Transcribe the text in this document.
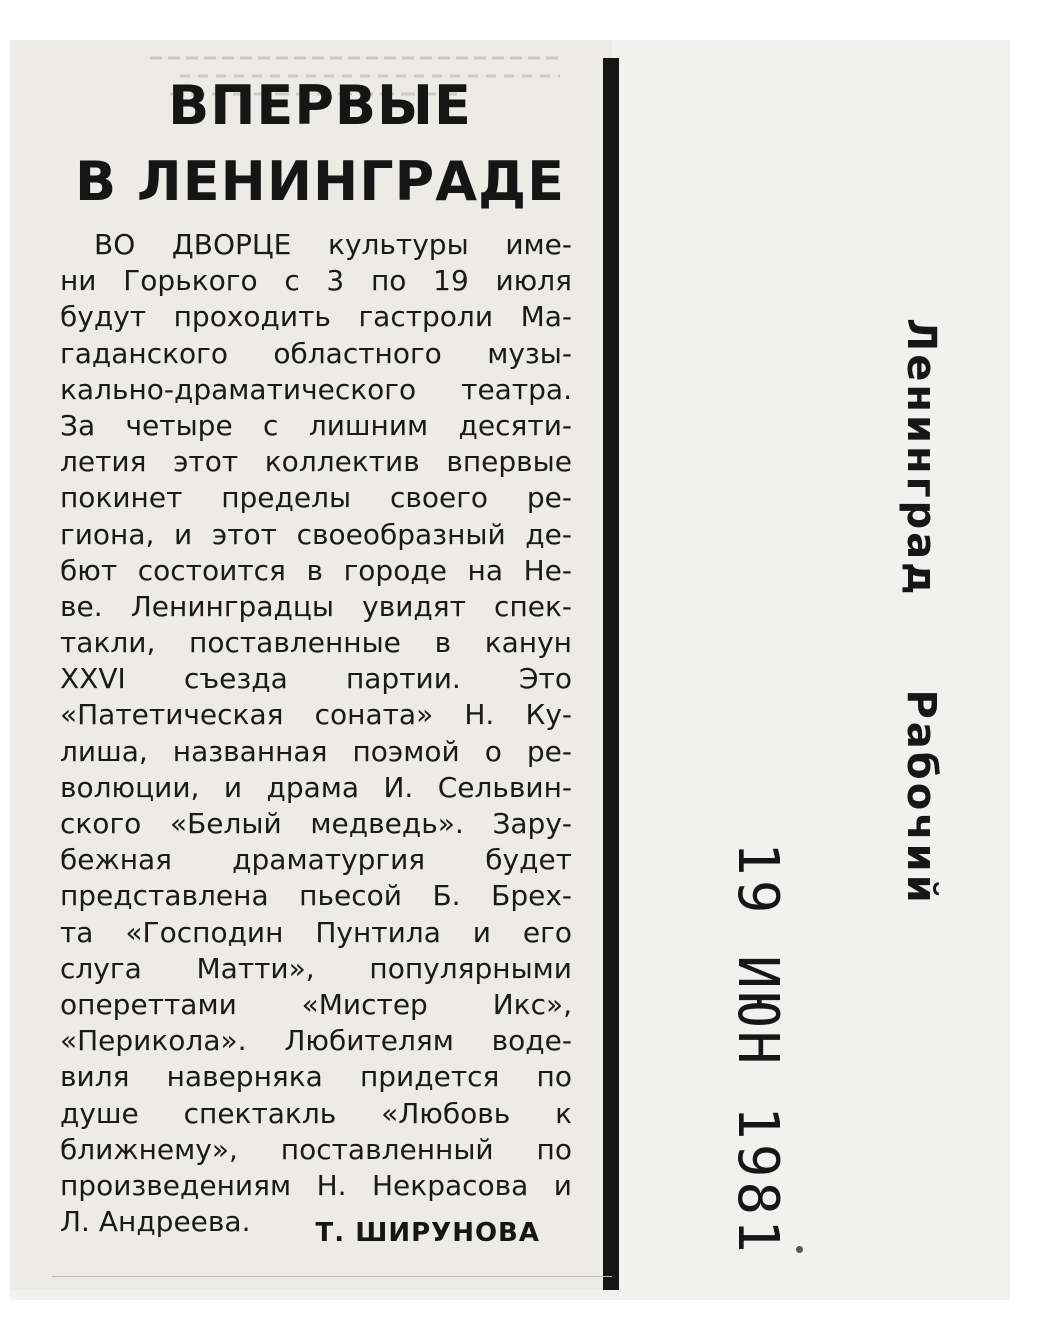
ВПЕРВЫЕ
В ЛЕНИНГРАДЕ
ВО ДВОРЦЕ культуры име-
ни Горького с 3 по 19 июля
будут проходить гастроли Ма-
гаданского областного музы-
кально-драматического театра.
За четыре с лишним десяти-
летия этот коллектив впервые
покинет пределы своего ре-
гиона, и этот своеобразный де-
бют состоится в городе на Не-
ве. Ленинградцы увидят спек-
такли, поставленные в канун
XXVI съезда партии. Это
«Патетическая соната» Н. Ку-
лиша, названная поэмой о ре-
волюции, и драма И. Сельвин-
ского «Белый медведь». Зару-
бежная драматургия будет
представлена пьесой Б. Брех-
та «Господин Пунтила и его
слуга Матти», популярными
опереттами «Мистер Икс»,
«Перикола». Любителям воде-
виля наверняка придется по
душе спектакль «Любовь к
ближнему», поставленный по
произведениям Н. Некрасова и
Л. Андреева.	Т. ШИРУНОВА
ЛенинградРабочий
19 ИЮН 1981
